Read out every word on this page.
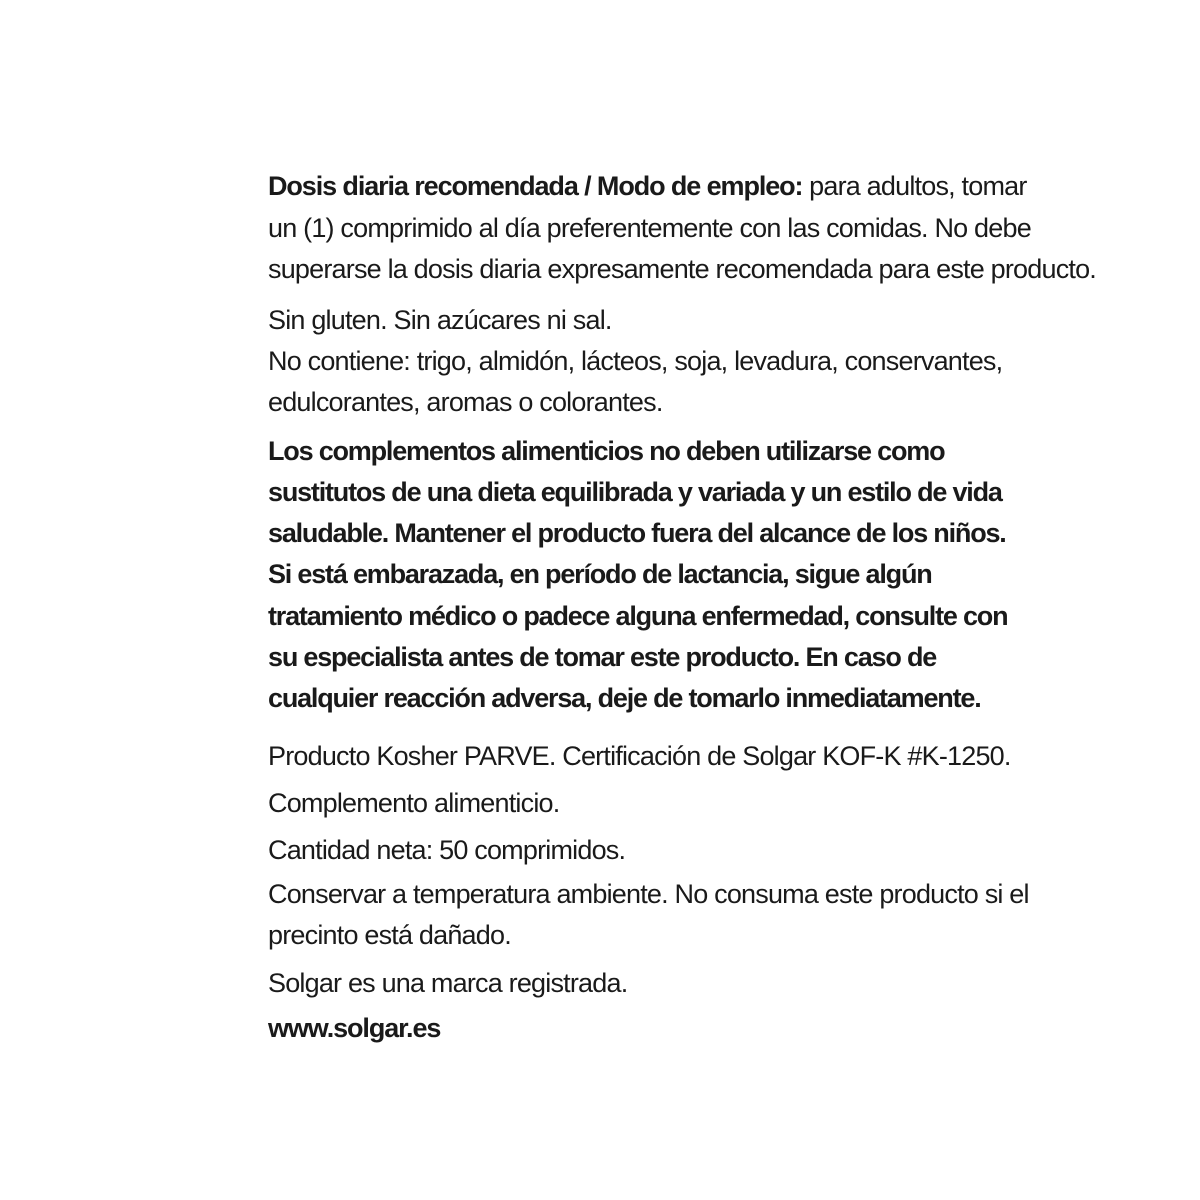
Dosis diaria recomendada / Modo de empleo: para adultos, tomar
un (1) comprimido al día preferentemente con las comidas. No debe
superarse la dosis diaria expresamente recomendada para este producto.

Sin gluten. Sin azúcares ni sal.
No contiene: trigo, almidón, lácteos, soja, levadura, conservantes,
edulcorantes, aromas o colorantes.

Los complementos alimenticios no deben utilizarse como
sustitutos de una dieta equilibrada y variada y un estilo de vida
saludable. Mantener el producto fuera del alcance de los niños.
Si está embarazada, en período de lactancia, sigue algún
tratamiento médico o padece alguna enfermedad, consulte con
su especialista antes de tomar este producto. En caso de
cualquier reacción adversa, deje de tomarlo inmediatamente.

Producto Kosher PARVE. Certificación de Solgar KOF-K #K-1250.

Complemento alimenticio.

Cantidad neta: 50 comprimidos.

Conservar a temperatura ambiente. No consuma este producto si el
precinto está dañado.

Solgar es una marca registrada.

www.solgar.es
